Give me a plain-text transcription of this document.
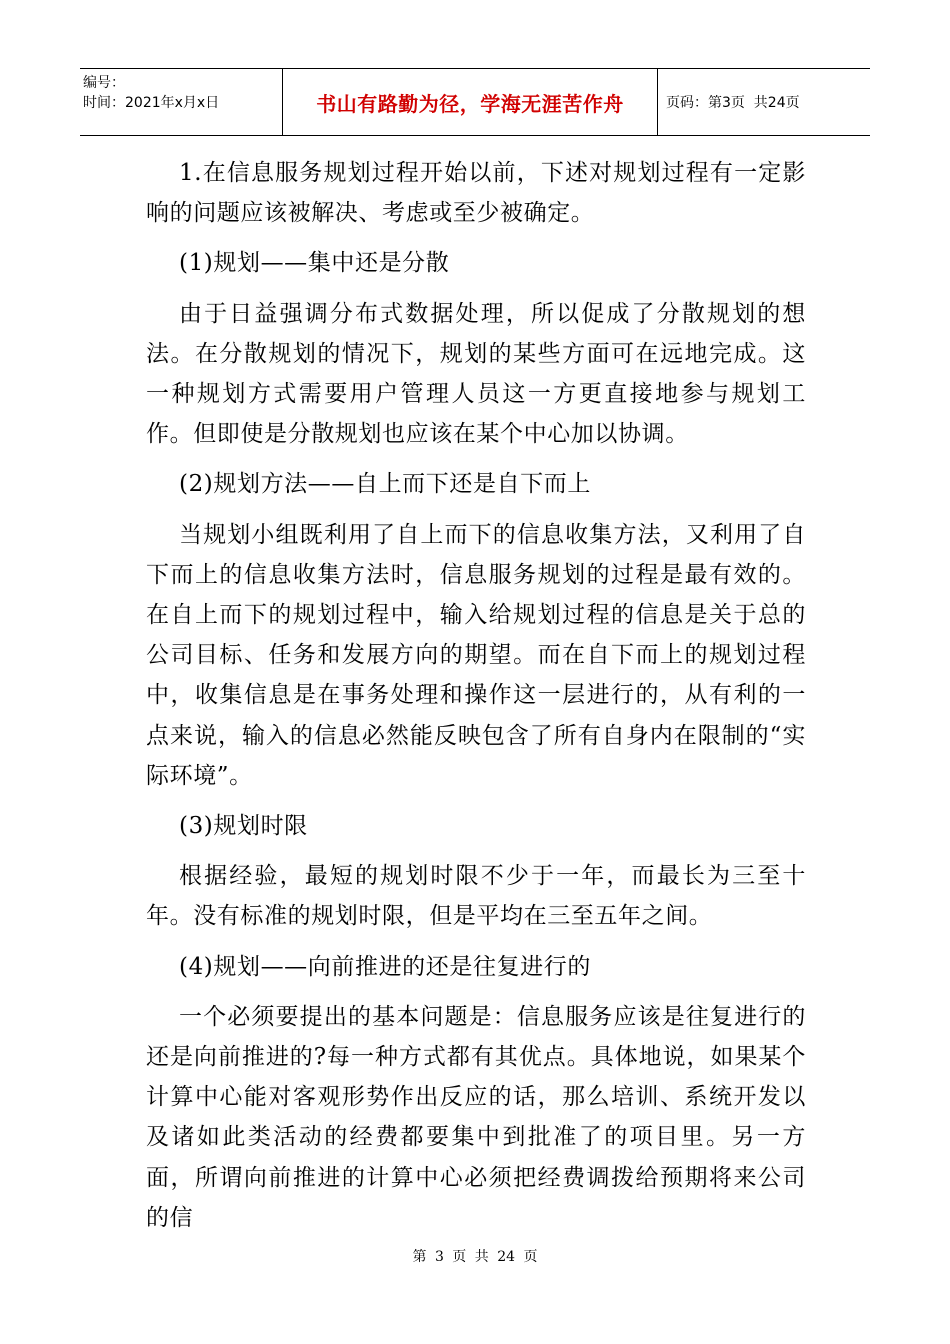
编号：
时间：2021年x月x日	书山有路勤为径，学海无涯苦作舟	页码：第3页  共24页

1.在信息服务规划过程开始以前，下述对规划过程有一定影响的问题应该被解决、考虑或至少被确定。

(1)规划——集中还是分散

由于日益强调分布式数据处理，所以促成了分散规划的想法。在分散规划的情况下，规划的某些方面可在远地完成。这一种规划方式需要用户管理人员这一方更直接地参与规划工作。但即使是分散规划也应该在某个中心加以协调。

(2)规划方法——自上而下还是自下而上

当规划小组既利用了自上而下的信息收集方法，又利用了自下而上的信息收集方法时，信息服务规划的过程是最有效的。在自上而下的规划过程中，输入给规划过程的信息是关于总的公司目标、任务和发展方向的期望。而在自下而上的规划过程中，收集信息是在事务处理和操作这一层进行的，从有利的一点来说，输入的信息必然能反映包含了所有自身内在限制的“实际环境”。

(3)规划时限

根据经验，最短的规划时限不少于一年，而最长为三至十年。没有标准的规划时限，但是平均在三至五年之间。

(4)规划——向前推进的还是往复进行的

一个必须要提出的基本问题是：信息服务应该是往复进行的还是向前推进的?每一种方式都有其优点。具体地说，如果某个计算中心能对客观形势作出反应的话，那么培训、系统开发以及诸如此类活动的经费都要集中到批准了的项目里。另一方面，所谓向前推进的计算中心必须把经费调拨给预期将来公司的信

第 3 页 共 24 页
